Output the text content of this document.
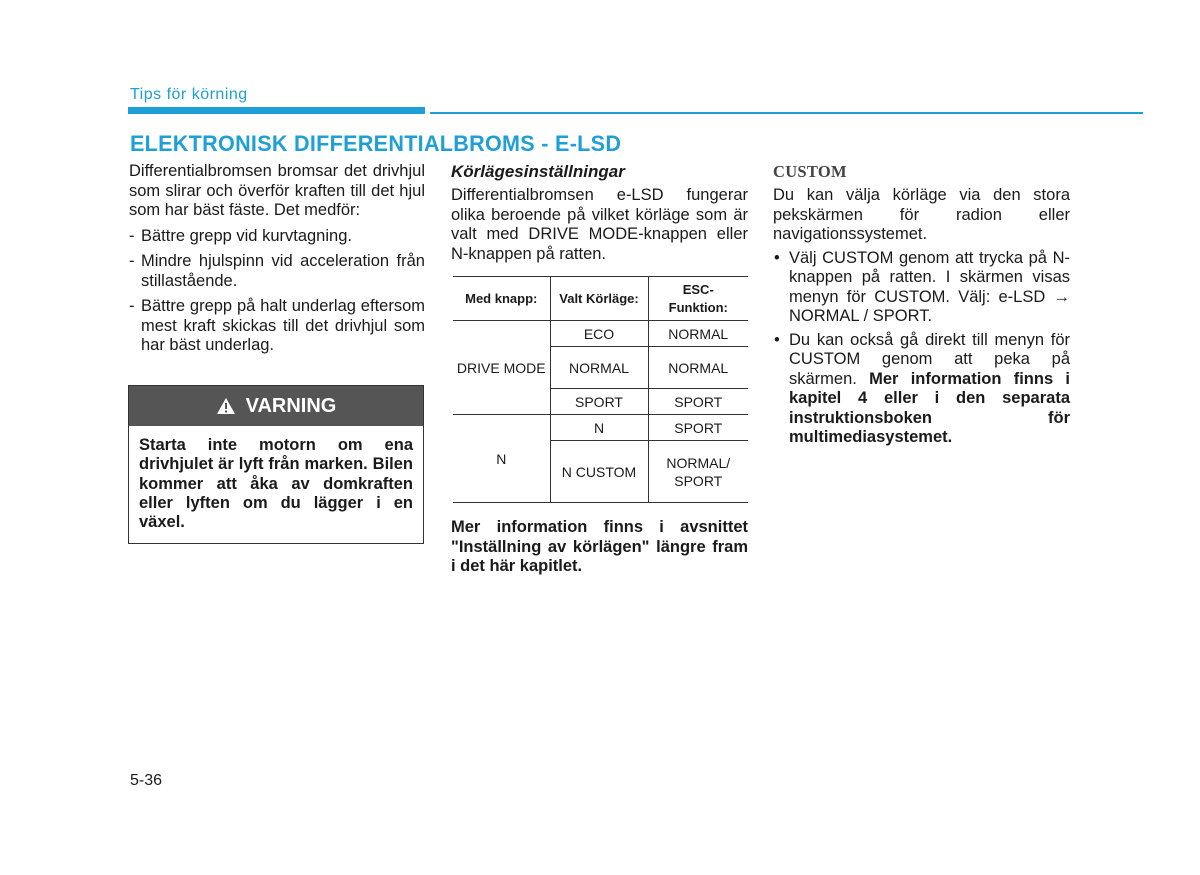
Tips för körning
ELEKTRONISK DIFFERENTIALBROMS - E-LSD

Differentialbromsen bromsar det drivhjul som slirar och överför kraften till det hjul som har bäst fäste. Det medför:

- Bättre grepp vid kurvtagning.

- Mindre hjulspinn vid acceleration från stillastående.

- Bättre grepp på halt underlag eftersom mest kraft skickas till det drivhjul som har bäst underlag.

VARNING
Starta inte motorn om ena drivhjulet är lyft från marken. Bilen kommer att åka av domkraften eller lyften om du lägger i en växel.
Körlägesinställningar

Differentialbromsen e-LSD fungerar olika beroende på vilket körläge som är valt med DRIVE MODE-knappen eller N-knappen på ratten.

Med knapp:	Valt Körläge:	ESC-
Funktion:
DRIVE MODE	ECO	NORMAL
	NORMAL	NORMAL
	SPORT	SPORT
N	N	SPORT
	N CUSTOM	NORMAL/
SPORT

Mer information finns i avsnittet "Inställning av körlägen" längre fram i det här kapitlet.

CUSTOM

Du kan välja körläge via den stora pekskärmen för radion eller navigationssystemet.

• Välj CUSTOM genom att trycka på N-knappen på ratten. I skärmen visas menyn för CUSTOM. Välj: e-LSD → NORMAL / SPORT.

• Du kan också gå direkt till menyn för CUSTOM genom att peka på skärmen. Mer information finns i kapitel 4 eller i den separata instruktionsboken för multimediasystemet.

5-36
